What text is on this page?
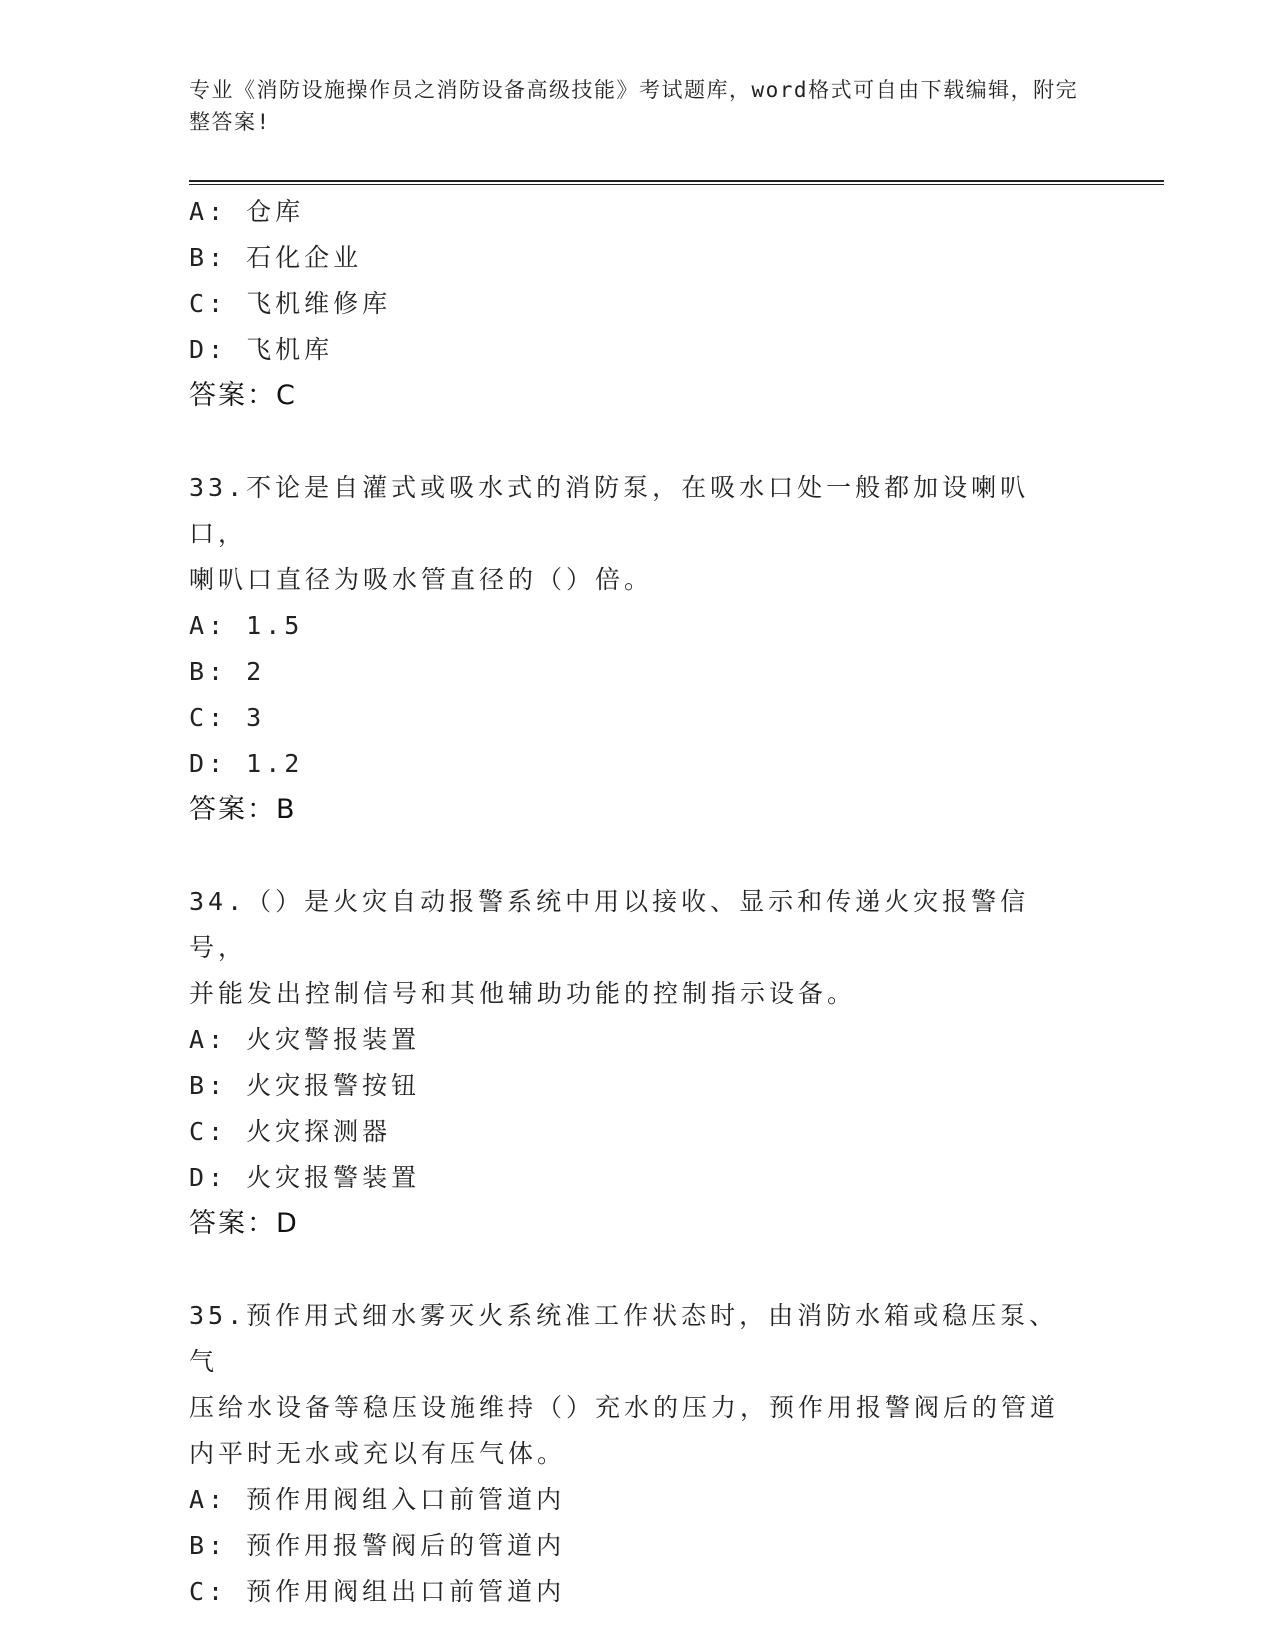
专业《消防设施操作员之消防设备高级技能》考试题库，word格式可自由下载编辑，附完整答案!
A: 仓库
B: 石化企业
C: 飞机维修库
D: 飞机库
答案：C
33.不论是自灌式或吸水式的消防泵，在吸水口处一般都加设喇叭口，
喇叭口直径为吸水管直径的（）倍。
A: 1.5
B: 2
C: 3
D: 1.2
答案：B
34.（）是火灾自动报警系统中用以接收、显示和传递火灾报警信号，
并能发出控制信号和其他辅助功能的控制指示设备。
A: 火灾警报装置
B: 火灾报警按钮
C: 火灾探测器
D: 火灾报警装置
答案：D
35.预作用式细水雾灭火系统准工作状态时，由消防水箱或稳压泵、气
压给水设备等稳压设施维持（）充水的压力，预作用报警阀后的管道
内平时无水或充以有压气体。
A: 预作用阀组入口前管道内
B: 预作用报警阀后的管道内
C: 预作用阀组出口前管道内
